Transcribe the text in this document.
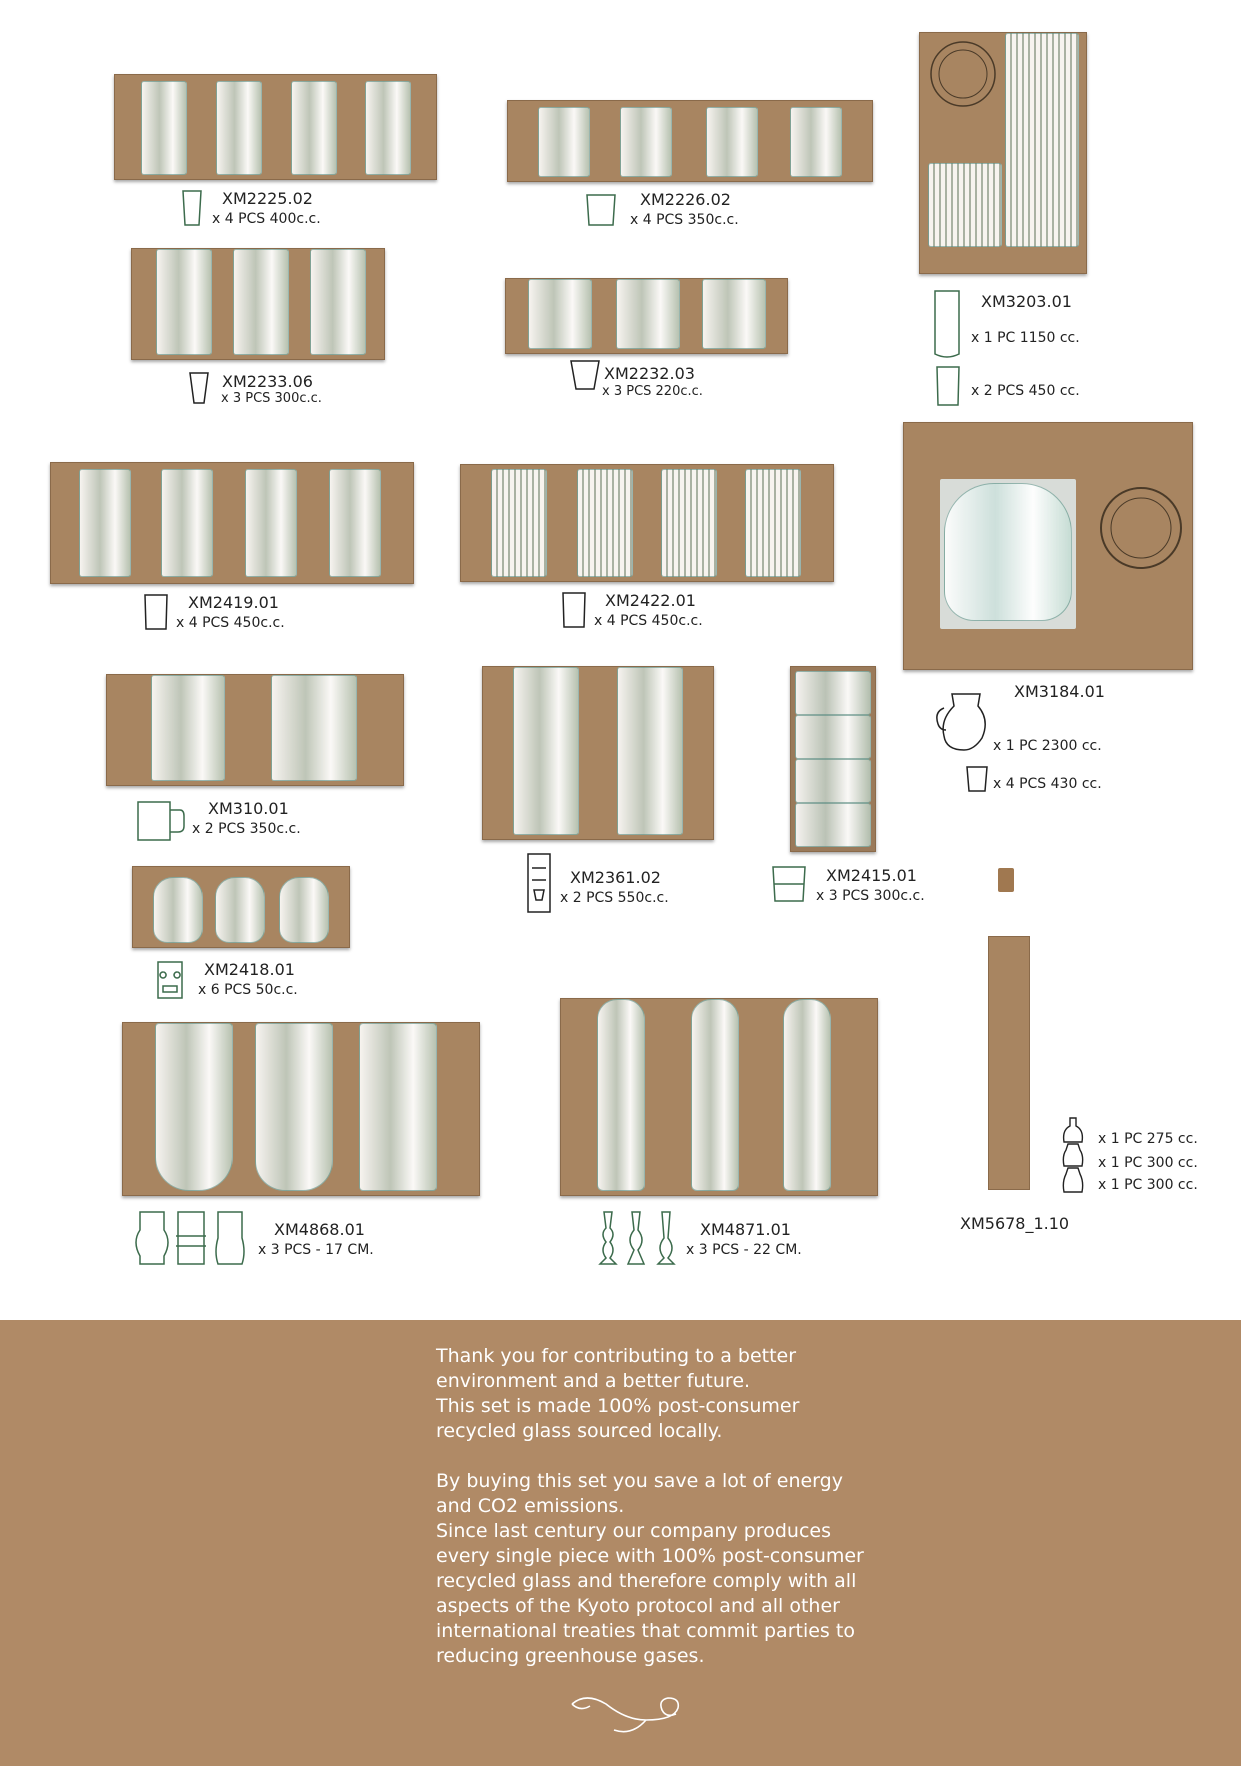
XM2225.02
x 4 PCS 400c.c.
XM2226.02
x 4 PCS 350c.c.
XM3203.01
x 1 PC 1150 cc.
x 2 PCS 450 cc.
XM2233.06
x 3 PCS 300c.c.
XM2232.03
x 3 PCS 220c.c.
XM2419.01
x 4 PCS 450c.c.
XM2422.01
x 4 PCS 450c.c.
XM3184.01
x 1 PC 2300 cc.
x 4 PCS 430 cc.
XM310.01
x 2 PCS 350c.c.
XM2361.02
x 2 PCS 550c.c.
XM2415.01
x 3 PCS 300c.c.
XM2418.01
x 6 PCS 50c.c.
XM4868.01
x 3 PCS - 17 CM.
XM4871.01
x 3 PCS - 22 CM.
XM5678_1.10
x 1 PC 275 cc.
x 1 PC 300 cc.
x 1 PC 300 cc.

Thank you for contributing to a better

environment and a better future.

This set is made 100% post-consumer

recycled glass sourced locally.

By buying this set you save a lot of energy

and CO2 emissions.

Since last century our company produces

every single piece with 100% post-consumer

recycled glass and therefore comply with all

aspects of the Kyoto protocol and all other

international treaties that commit parties to

reducing greenhouse gases.
